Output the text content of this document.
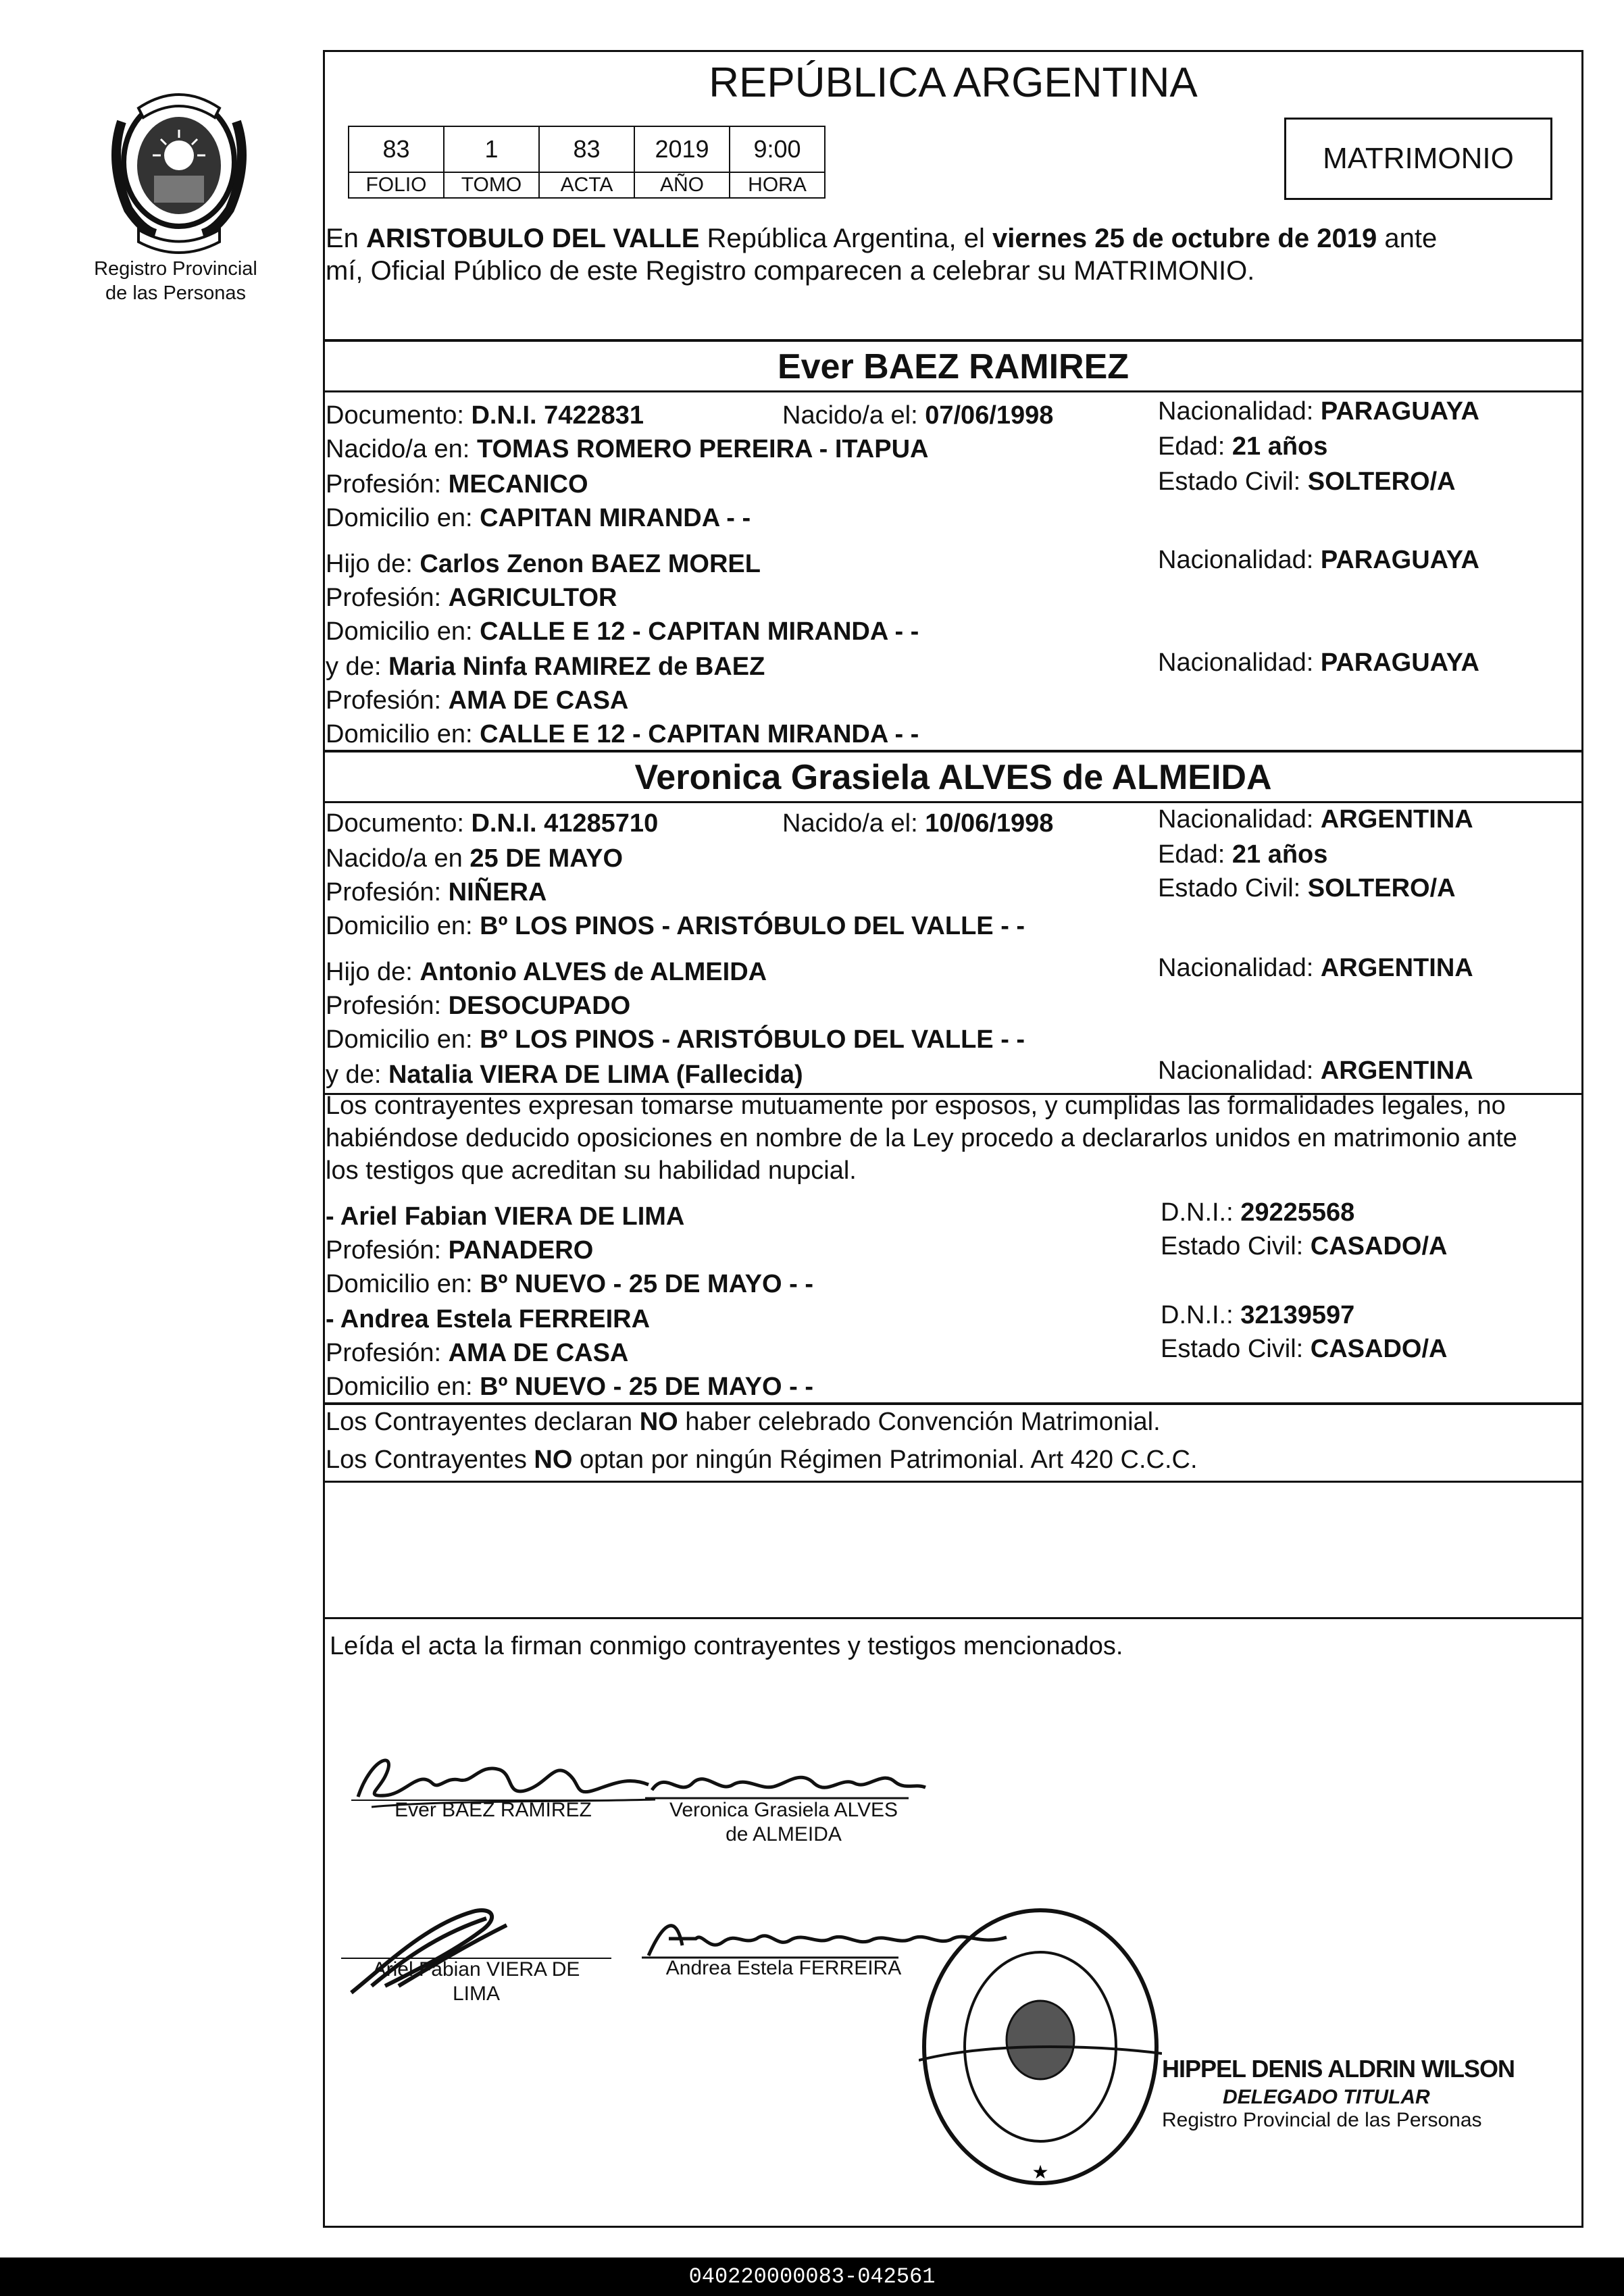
Registro Provincial
de las Personas
REPÚBLICA ARGENTINA
83	1	83	2019	9:00
FOLIO	TOMO	ACTA	AÑO	HORA
MATRIMONIO
En ARISTOBULO DEL VALLE República Argentina, el viernes 25 de octubre de 2019 ante
mí, Oficial Público de este Registro comparecen a celebrar su MATRIMONIO.
Ever BAEZ RAMIREZ
Documento: D.N.I. 7422831	Nacido/a el: 07/06/1998	Nacionalidad: PARAGUAYA
Nacido/a en: TOMAS ROMERO PEREIRA - ITAPUA	Edad: 21 años
Profesión: MECANICO	Estado Civil: SOLTERO/A
Domicilio en: CAPITAN MIRANDA - -
Hijo de: Carlos Zenon BAEZ MOREL	Nacionalidad: PARAGUAYA
Profesión: AGRICULTOR
Domicilio en: CALLE E 12 - CAPITAN MIRANDA - -
y de: Maria Ninfa RAMIREZ de BAEZ	Nacionalidad: PARAGUAYA
Profesión: AMA DE CASA
Domicilio en: CALLE E 12 - CAPITAN MIRANDA - -
Veronica Grasiela ALVES de ALMEIDA
Documento: D.N.I. 41285710	Nacido/a el: 10/06/1998	Nacionalidad: ARGENTINA
Nacido/a en 25 DE MAYO	Edad: 21 años
Profesión: NIÑERA	Estado Civil: SOLTERO/A
Domicilio en: Bº LOS PINOS - ARISTÓBULO DEL VALLE - -
Hijo de: Antonio ALVES de ALMEIDA	Nacionalidad: ARGENTINA
Profesión: DESOCUPADO
Domicilio en: Bº LOS PINOS - ARISTÓBULO DEL VALLE - -
y de: Natalia VIERA DE LIMA (Fallecida)	Nacionalidad: ARGENTINA
Los contrayentes expresan tomarse mutuamente por esposos, y cumplidas las formalidades legales, no
habiéndose deducido oposiciones en nombre de la Ley procedo a declararlos unidos en matrimonio ante
los testigos que acreditan su habilidad nupcial.
- Ariel Fabian VIERA DE LIMA	D.N.I.: 29225568
Profesión: PANADERO	Estado Civil: CASADO/A
Domicilio en: Bº NUEVO - 25 DE MAYO - -
- Andrea Estela FERREIRA	D.N.I.: 32139597
Profesión: AMA DE CASA	Estado Civil: CASADO/A
Domicilio en: Bº NUEVO - 25 DE MAYO - -
Los Contrayentes declaran NO haber celebrado Convención Matrimonial.
Los Contrayentes NO optan por ningún Régimen Patrimonial. Art 420 C.C.C.
Leída el acta la firman conmigo contrayentes y testigos mencionados.
Ever BAEZ RAMIREZ	Veronica Grasiela ALVES
de ALMEIDA
Ariel Fabian VIERA DE
LIMA
Andrea Estela FERREIRA
★
HIPPEL DENIS ALDRIN WILSON
DELEGADO TITULAR
Registro Provincial de las Personas
040220000083-042561
